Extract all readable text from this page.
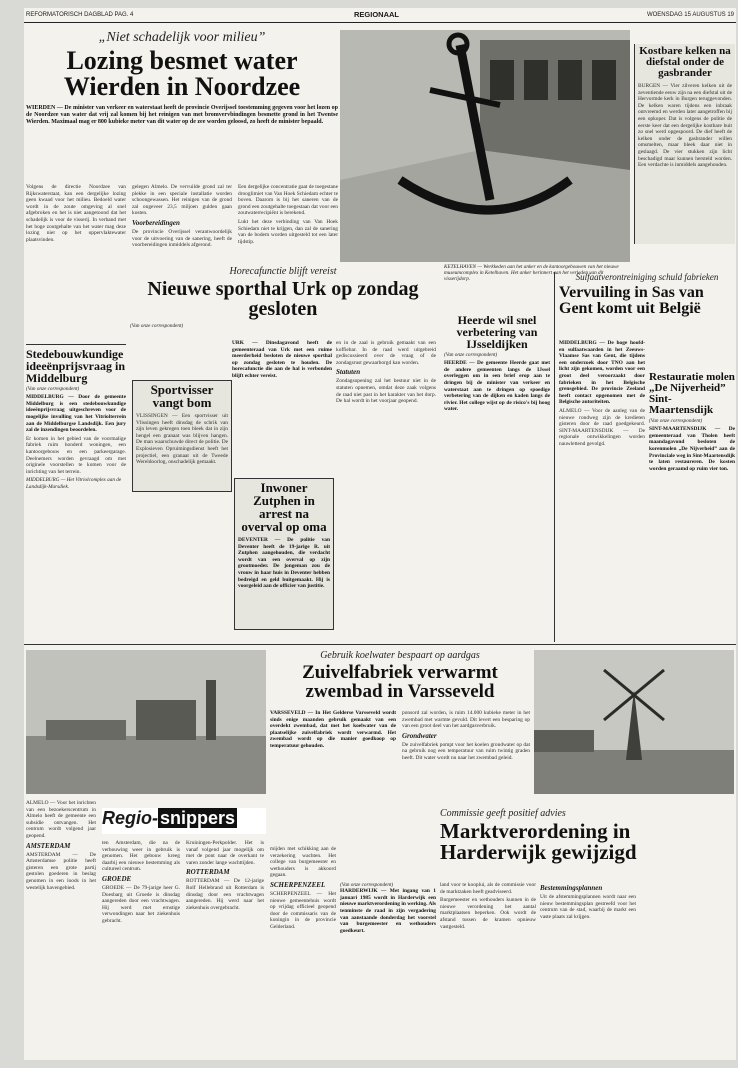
REFORMATORISCH DAGBLAD PAG. 4	REGIONAAL	WOENSDAG 15 AUGUSTUS 19
„Niet schadelijk voor milieu”
Lozing besmet water Wierden in Noordzee
WIERDEN — De minister van verkeer en waterstaat heeft de provincie Overijssel toestemming gegeven voor het lozen op de Noordzee van water dat vrij zal komen bij het reinigen van met bromvervbindingen besmette grond in het Twentse Wierden. Maximaal mag er 800 kubieke meter van dit water op de zee worden geloosd, zo heeft de minister bepaald.

Volgens de directie Noordzee van Rijkswaterstaat, kan een dergelijke lozing geen kwaad voor het milieu. Bedoeld water wordt in de zoute omgeving al snel afgebroken en het is niet aangetoond dat het schadelijk is voor de visserij. In verband met het hoge zoutgehalte van het water mag deze lozing niet op het oppervlaktewater plaatsvinden.

gelegen Almelo. De vervuilde grond zal ter plekke in een speciale installatie worden schoongewassen. Het reinigen van de grond zal ongeveer 23,5 miljoen gulden gaan kosten.

Voorbereidingen

De provincie Overijssel verantwoordelijk voor de uitvoering van de sanering, heeft de voorbereidingen inmiddels afgerond.

Een dergelijke concentratie gaat de toegestane drooglimiet van Van Hoek Schiedam echter te boven. Daarom is bij het saneren van de grond een zoutgehalte toegestaan dat voor een zoutwaterrecipiënt is berekend.

Lukt het deze verbinding van Van Hoek Schiedam niet te krijgen, dan zal de sanering van de bodem worden uitgesteld tot een later tijdstip.

Kostbare kelken na diefstal onder de gasbrander
BURGEN — Vier zilveren kelken uit de zeventiende eeuw zijn na een diefstal uit de Hervormde kerk in Burgen teruggevonden. De kelken waren tijdens een inbraak ontvreemd en werden later aangetroffen bij een opkoper. Dat is volgens de politie de eerste keer dat een dergelijke kostbare buit zo snel werd opgespoord. De dief heeft de kelken onder de gasbrander willen omsmelten, maar bleek daar niet in geslaagd. De vier stukken zijn licht beschadigd maar kunnen hersteld worden. Een verdachte is inmiddels aangehouden.
KETELHAVEN — Werkkeden aan het anker en de kantoorgebouwen van het nieuwe museumcomplex in Ketelhaven. Het anker herinnert aan het verleden van dit visserijdorp.
Horecafunctie blijft vereist
Nieuwe sporthal Urk op zondag gesloten
(Van onze correspondent)

URK — Dinsdagavond heeft de gemeenteraad van Urk met een ruime meerderheid besloten de nieuwe sporthal op zondag gesloten te houden. De horecafunctie die aan de hal is verbonden blijft echter vereist.

en in de zaal is gebruik gemaakt van een koffiebar. In de raad werd uitgebreid gediscussieerd over de vraag of de zondagsrust gewaarborgd kan worden.

Statuten

Zondagsopening zal het bestuur niet in de statuten opnemen, omdat deze zaak volgens de raad niet past in het karakter van het dorp. De hal wordt in het voorjaar geopend.

Stedebouwkundige ideeënprijsvraag in Middelburg
(Van onze correspondent)

MIDDELBURG — Door de gemeente Middelburg is een stedebouwkundige ideeënprijsvraag uitgeschreven voor de mogelijke invulling van het Vitriolterrein aan de Middelburgse Landsdijk. Een jury zal de inzendingen beoordelen.

Er komen in het gebied van de voormalige fabriek ruim honderd woningen, een kantoorgebouw en een parkeergarage. Deelnemers worden gevraagd om met originele voorstellen te komen voor de inrichting van het terrein.

MIDDELBURG — Het Vitriolcomplex aan de Landsdijk-Marsdiek.
Sportvisser vangt bom
VLISSINGEN — Een sportvisser uit Vlissingen heeft dinsdag de schrik van zijn leven gekregen toen bleek dat in zijn hengel een granaat was blijven hangen. De man waarschuwde direct de politie. De Explosieven Opruimingsdienst heeft het projectiel, een granaat uit de Tweede Wereldoorlog, onschadelijk gemaakt.
Inwoner Zutphen in arrest na overval op oma
DEVENTER — De politie van Deventer heeft de 19-jarige R. uit Zutphen aangehouden, die verdacht wordt van een overval op zijn grootmoeder. De jongeman zou de vrouw in haar huis in Deventer hebben bedreigd en geld buitgemaakt. Hij is voorgeleid aan de officier van justitie.
Heerde wil snel verbetering van IJsseldijken
(Van onze correspondent)

HEERDE — De gemeente Heerde gaat met de andere gemeenten langs de IJssel overleggen om in een brief erop aan te dringen bij de minister van verkeer en waterstaat aan te dringen op spoedige verbetering van de dijken en kaden langs de rivier. Het college wijst op de risico's bij hoog water.

Sulfaatverontreiniging schuld fabrieken
Vervuiling in Sas van Gent komt uit België

MIDDELBURG — De hoge hoofd- en sulfaatwaarden in het Zeeuws-Vlaamse Sas van Gent, die tijdens een onderzoek door TNO aan het licht zijn gekomen, worden voor een groot deel veroorzaakt door fabrieken in het Belgische grensgebied. De provincie Zeeland heeft contact opgenomen met de Belgische autoriteiten.

ALMELO — Voor de aanleg van de nieuwe rondweg zijn de kredieten gisteren door de raad goedgekeurd. SINT-MAARTENSDIJK — De regionale ontwikkelingen worden nauwlettend gevolgd.

Restauratie molen „De Nijverheid” Sint-Maartensdijk
(Van onze correspondent)

SINT-MAARTENSDIJK — De gemeenteraad van Tholen heeft maandagavond besloten de korenmolen „De Nijverheid” aan de Provinciale weg in Sint-Maartensdijk te laten restaureren. De kosten worden geraamd op ruim vier ton.

Gebruik koelwater bespaart op aardgas
Zuivelfabriek verwarmt zwembad in Varsseveld

VARSSEVELD — In Het Gelderse Varsseveld wordt sinds enige maanden gebruik gemaakt van een overdekt zwembad, dat met het koelwater van de plaatselijke zuivelfabriek wordt verwarmd. Het zwembad wordt op die manier goedkoop op temperatuur gehouden.

ponsord zal worden, is ruim 14.000 kubieke meter in het zwembad met warmte gevuld. Dit levert een besparing op van een groot deel van het aardgasverbruik.

Grondwater

De zuivelfabriek pompt voor het koelen grondwater op dat na gebruik nog een temperatuur van ruim twintig graden heeft. Dit water wordt nu naar het zwembad geleid.

ALMELO — Voor het inrichten van een bezoekerscentrum in Almelo heeft de gemeente een subsidie ontvangen. Het centrum wordt volgend jaar geopend.

AMSTERDAM

AMSTERDAM — De Amsterdamse politie heeft gisteren een grote partij gestolen goederen in beslag genomen in een loods in het westelijk havengebied.

Regio- snippers

ten Amsterdam, die na de verbouwing weer in gebruik is genomen. Het gebouw kreeg daarbij een nieuwe bestemming als cultureel centrum.

GROEDE

GROEDE — De 79-jarige heer G. Doesbarg uit Groede is dinsdag aangereden door een vrachtwagen. Hij werd met ernstige verwondingen naar het ziekenhuis gebracht.

Kruiningen-Perkpolder. Het is vanaf volgend jaar mogelijk om met de pont naar de overkant te varen zonder lange wachttijden.

ROTTERDAM

ROTTERDAM — De 12-jarige Rolf Hellebrand uit Rotterdam is dinsdag door een vrachtwagen aangereden. Hij werd naar het ziekenhuis overgebracht.

mijden met schikking aan de verzekering wachten. Het college van burgemeester en wethouders is akkoord gegaan.

SCHERPENZEEL

SCHERPENZEEL — Het nieuwe gemeentehuis wordt op vrijdag officieel geopend door de commissaris van de koningin in de provincie Gelderland.

Commissie geeft positief advies
Marktverordening in Harderwijk gewijzigd
(Van onze correspondent)

HARDERWIJK — Met ingang van 1 januari 1985 wordt in Harderwijk een nieuwe marktverordening in werking. Als tenminste de raad in zijn vergadering van aanstaande donderdag het voorstel van burgemeester en wethouders goedkeurt.

land voor te kooplui, als de commissie voor de marktzaken heeft geadviseerd.

Burgemeester en wethouders kunnen in de nieuwe verordening het aantal marktplaatsen beperken. Ook wordt de afstand tussen de kramen opnieuw vastgesteld.

Bestemmingsplannen

Uit de afstemmingsplannen wordt naar een nieuw bestemmingsplan gestreefd voor het centrum van de stad, waarbij de markt een vaste plaats zal krijgen.
